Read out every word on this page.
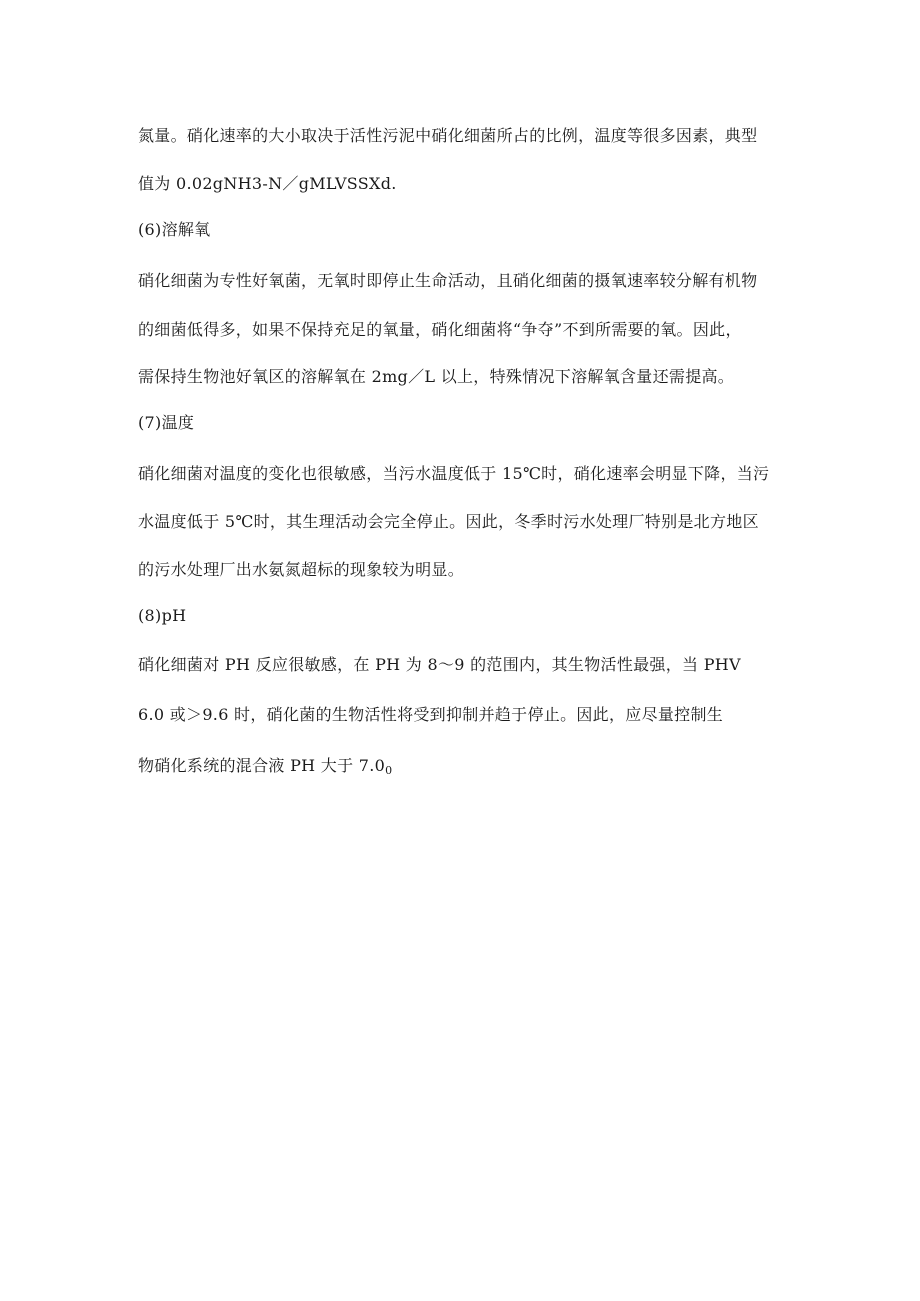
氮量。硝化速率的大小取决于活性污泥中硝化细菌所占的比例，温度等很多因素，典型
值为 0.02gNH3-N／gMLVSSXd.
(6)溶解氧
硝化细菌为专性好氧菌，无氧时即停止生命活动，且硝化细菌的摄氧速率较分解有机物
的细菌低得多，如果不保持充足的氧量，硝化细菌将“争夺”不到所需要的氧。因此，
需保持生物池好氧区的溶解氧在 2mg／L 以上，特殊情况下溶解氧含量还需提高。
(7)温度
硝化细菌对温度的变化也很敏感，当污水温度低于 15℃时，硝化速率会明显下降，当污
水温度低于 5℃时，其生理活动会完全停止。因此，冬季时污水处理厂特别是北方地区
的污水处理厂出水氨氮超标的现象较为明显。
(8)pH
硝化细菌对 PH 反应很敏感，在 PH 为 8～9 的范围内，其生物活性最强，当 PHV
6.0 或＞9.6 时，硝化菌的生物活性将受到抑制并趋于停止。因此，应尽量控制生
物硝化系统的混合液 PH 大于 $7.0_0$
